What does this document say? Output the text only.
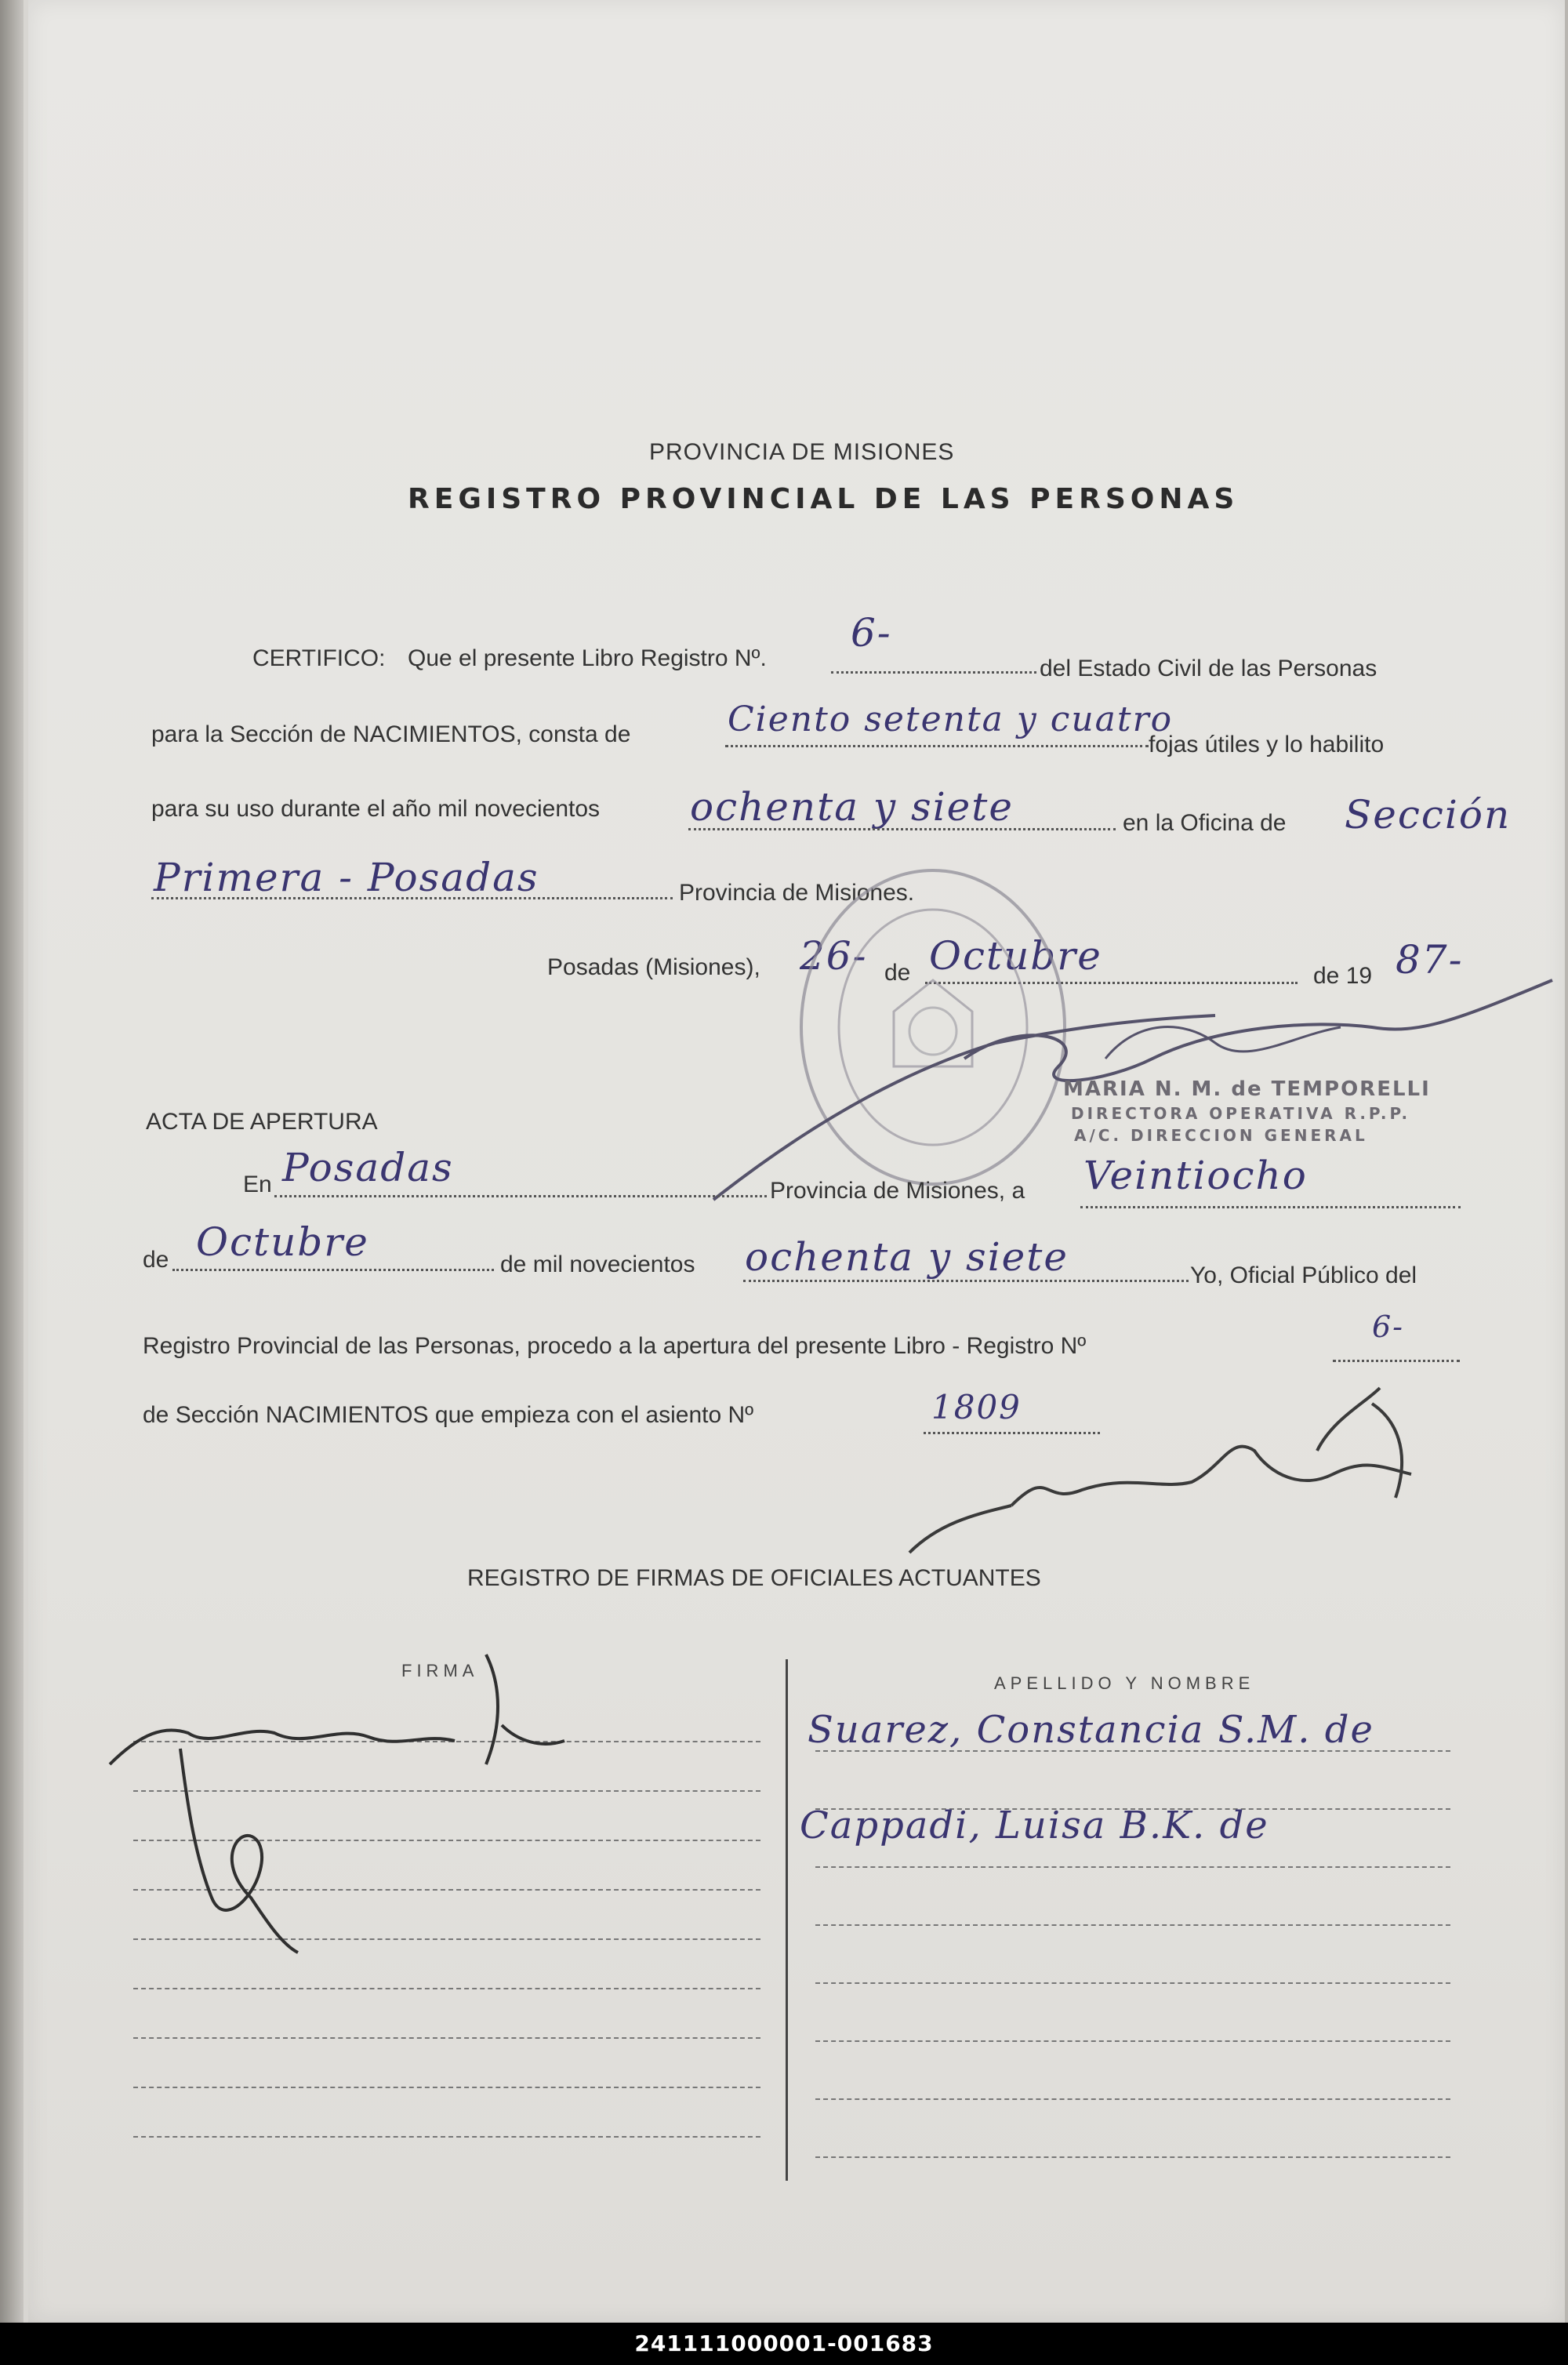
PROVINCIA DE MISIONES
REGISTRO PROVINCIAL DE LAS PERSONAS
CERTIFICO: Que el presente Libro Registro Nº.
6-
del Estado Civil de las Personas
para la Sección de NACIMIENTOS, consta de	Ciento setenta y cuatro
fojas útiles y lo habilito
para su uso durante el año mil novecientos ochenta y siete	en la Oficina de Sección
Primera - Posadas	Provincia de Misiones.
Posadas (Misiones), 26- de Octubre	de 19 87-
MARIA N. M. de TEMPORELLI
DIRECTORA OPERATIVA R.P.P.
A/C. DIRECCION GENERAL
ACTA DE APERTURA
En Posadas
Provincia de Misiones, a Veintiocho
de Octubre	de mil novecientos ochenta y siete	Yo, Oficial Público del
Registro Provincial de las Personas, procedo a la apertura del presente Libro - Registro Nº
6-
de Sección NACIMIENTOS que empieza con el asiento Nº	1809
REGISTRO DE FIRMAS DE OFICIALES ACTUANTES
FIRMA
APELLIDO Y NOMBRE
Suarez, Constancia S.M. de
Cappadi, Luisa B.K. de
241111000001-001683
